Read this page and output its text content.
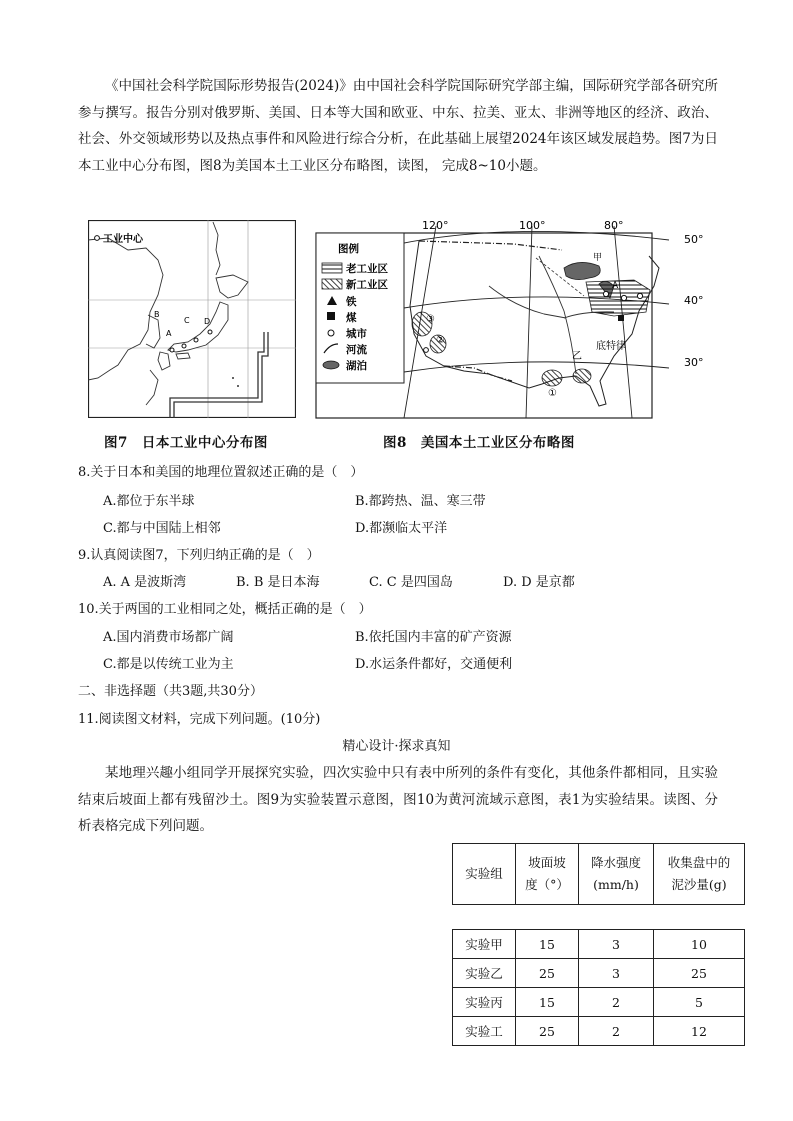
《中国社会科学院国际形势报告(2024)》由中国社会科学院国际研究学部主编，国际研究学部各研究所参与撰写。报告分别对俄罗斯、美国、日本等大国和欧亚、中东、拉美、亚太、非洲等地区的经济、政治、社会、外交领域形势以及热点事件和风险进行综合分析，在此基础上展望2024年该区域发展趋势。图7为日本工业中心分布图，图8为美国本土工业区分布略图，读图， 完成8~10小题。
工业中心
B
C D
A
图例
老工业区
新工业区
铁
煤
城市
河流
湖泊
120°	100°	80°
50°
40°
30°
甲
A
乙
底特律
①
②
③
图7　日本工业中心分布图	图8　美国本土工业区分布略图
8.关于日本和美国的地理位置叙述正确的是（　）
A.都位于东半球	B.都跨热、温、寒三带
C.都与中国陆上相邻	D.都濒临太平洋
9.认真阅读图7，下列归纳正确的是（　）
A. A 是波斯湾	B. B 是日本海	C. C 是四国岛	D. D 是京都
10.关于两国的工业相同之处，概括正确的是（　）
A.国内消费市场都广阔	B.依托国内丰富的矿产资源
C.都是以传统工业为主	D.水运条件都好，交通便利
二、非选择题（共3题,共30分）
11.阅读图文材料，完成下列问题。(10分)
精心设计·探求真知
某地理兴趣小组同学开展探究实验，四次实验中只有表中所列的条件有变化，其他条件都相同，且实验结束后坡面上都有残留沙土。图9为实验装置示意图，图10为黄河流域示意图，表1为实验结果。读图、分析表格完成下列问题。
实验组	
坡面坡
度（°）

降水强度
(mm/h)

收集盘中的
泥沙量(g)
实验甲	15	3	10
实验乙	25	3	25
实验丙	15	2	5
实验工	25	2	12
